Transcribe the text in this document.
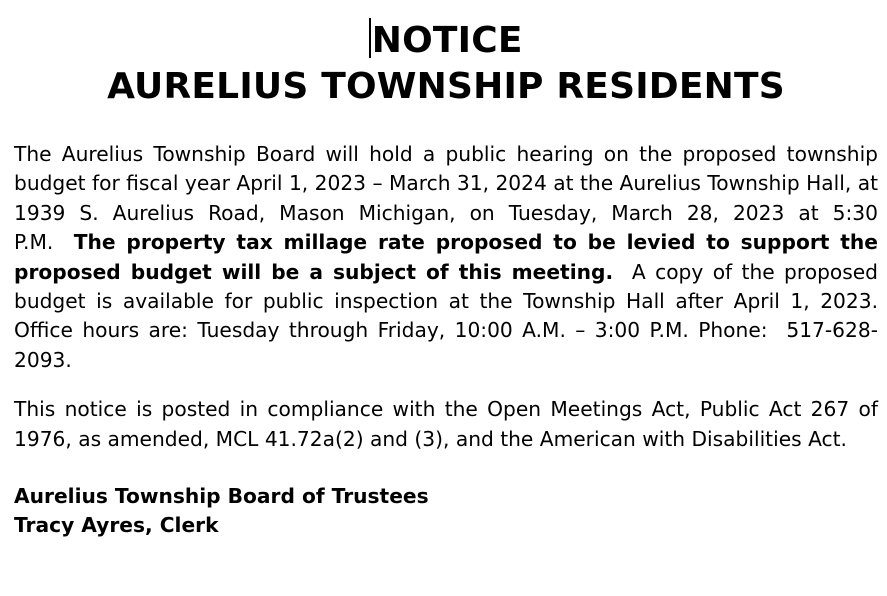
NOTICE
AURELIUS TOWNSHIP RESIDENTS

The Aurelius Township Board will hold a public hearing on the proposed township budget for fiscal year April 1, 2023 – March 31, 2024 at the Aurelius Township Hall, at 1939 S. Aurelius Road, Mason Michigan, on Tuesday, March 28, 2023 at 5:30 P.M.  The property tax millage rate proposed to be levied to support the proposed budget will be a subject of this meeting.  A copy of the proposed budget is available for public inspection at the Township Hall after April 1, 2023. Office hours are: Tuesday through Friday, 10:00 A.M. – 3:00 P.M. Phone:  517-628-2093.

This notice is posted in compliance with the Open Meetings Act, Public Act 267 of 1976, as amended, MCL 41.72a(2) and (3), and the American with Disabilities Act.

Aurelius Township Board of Trustees
Tracy Ayres, Clerk
